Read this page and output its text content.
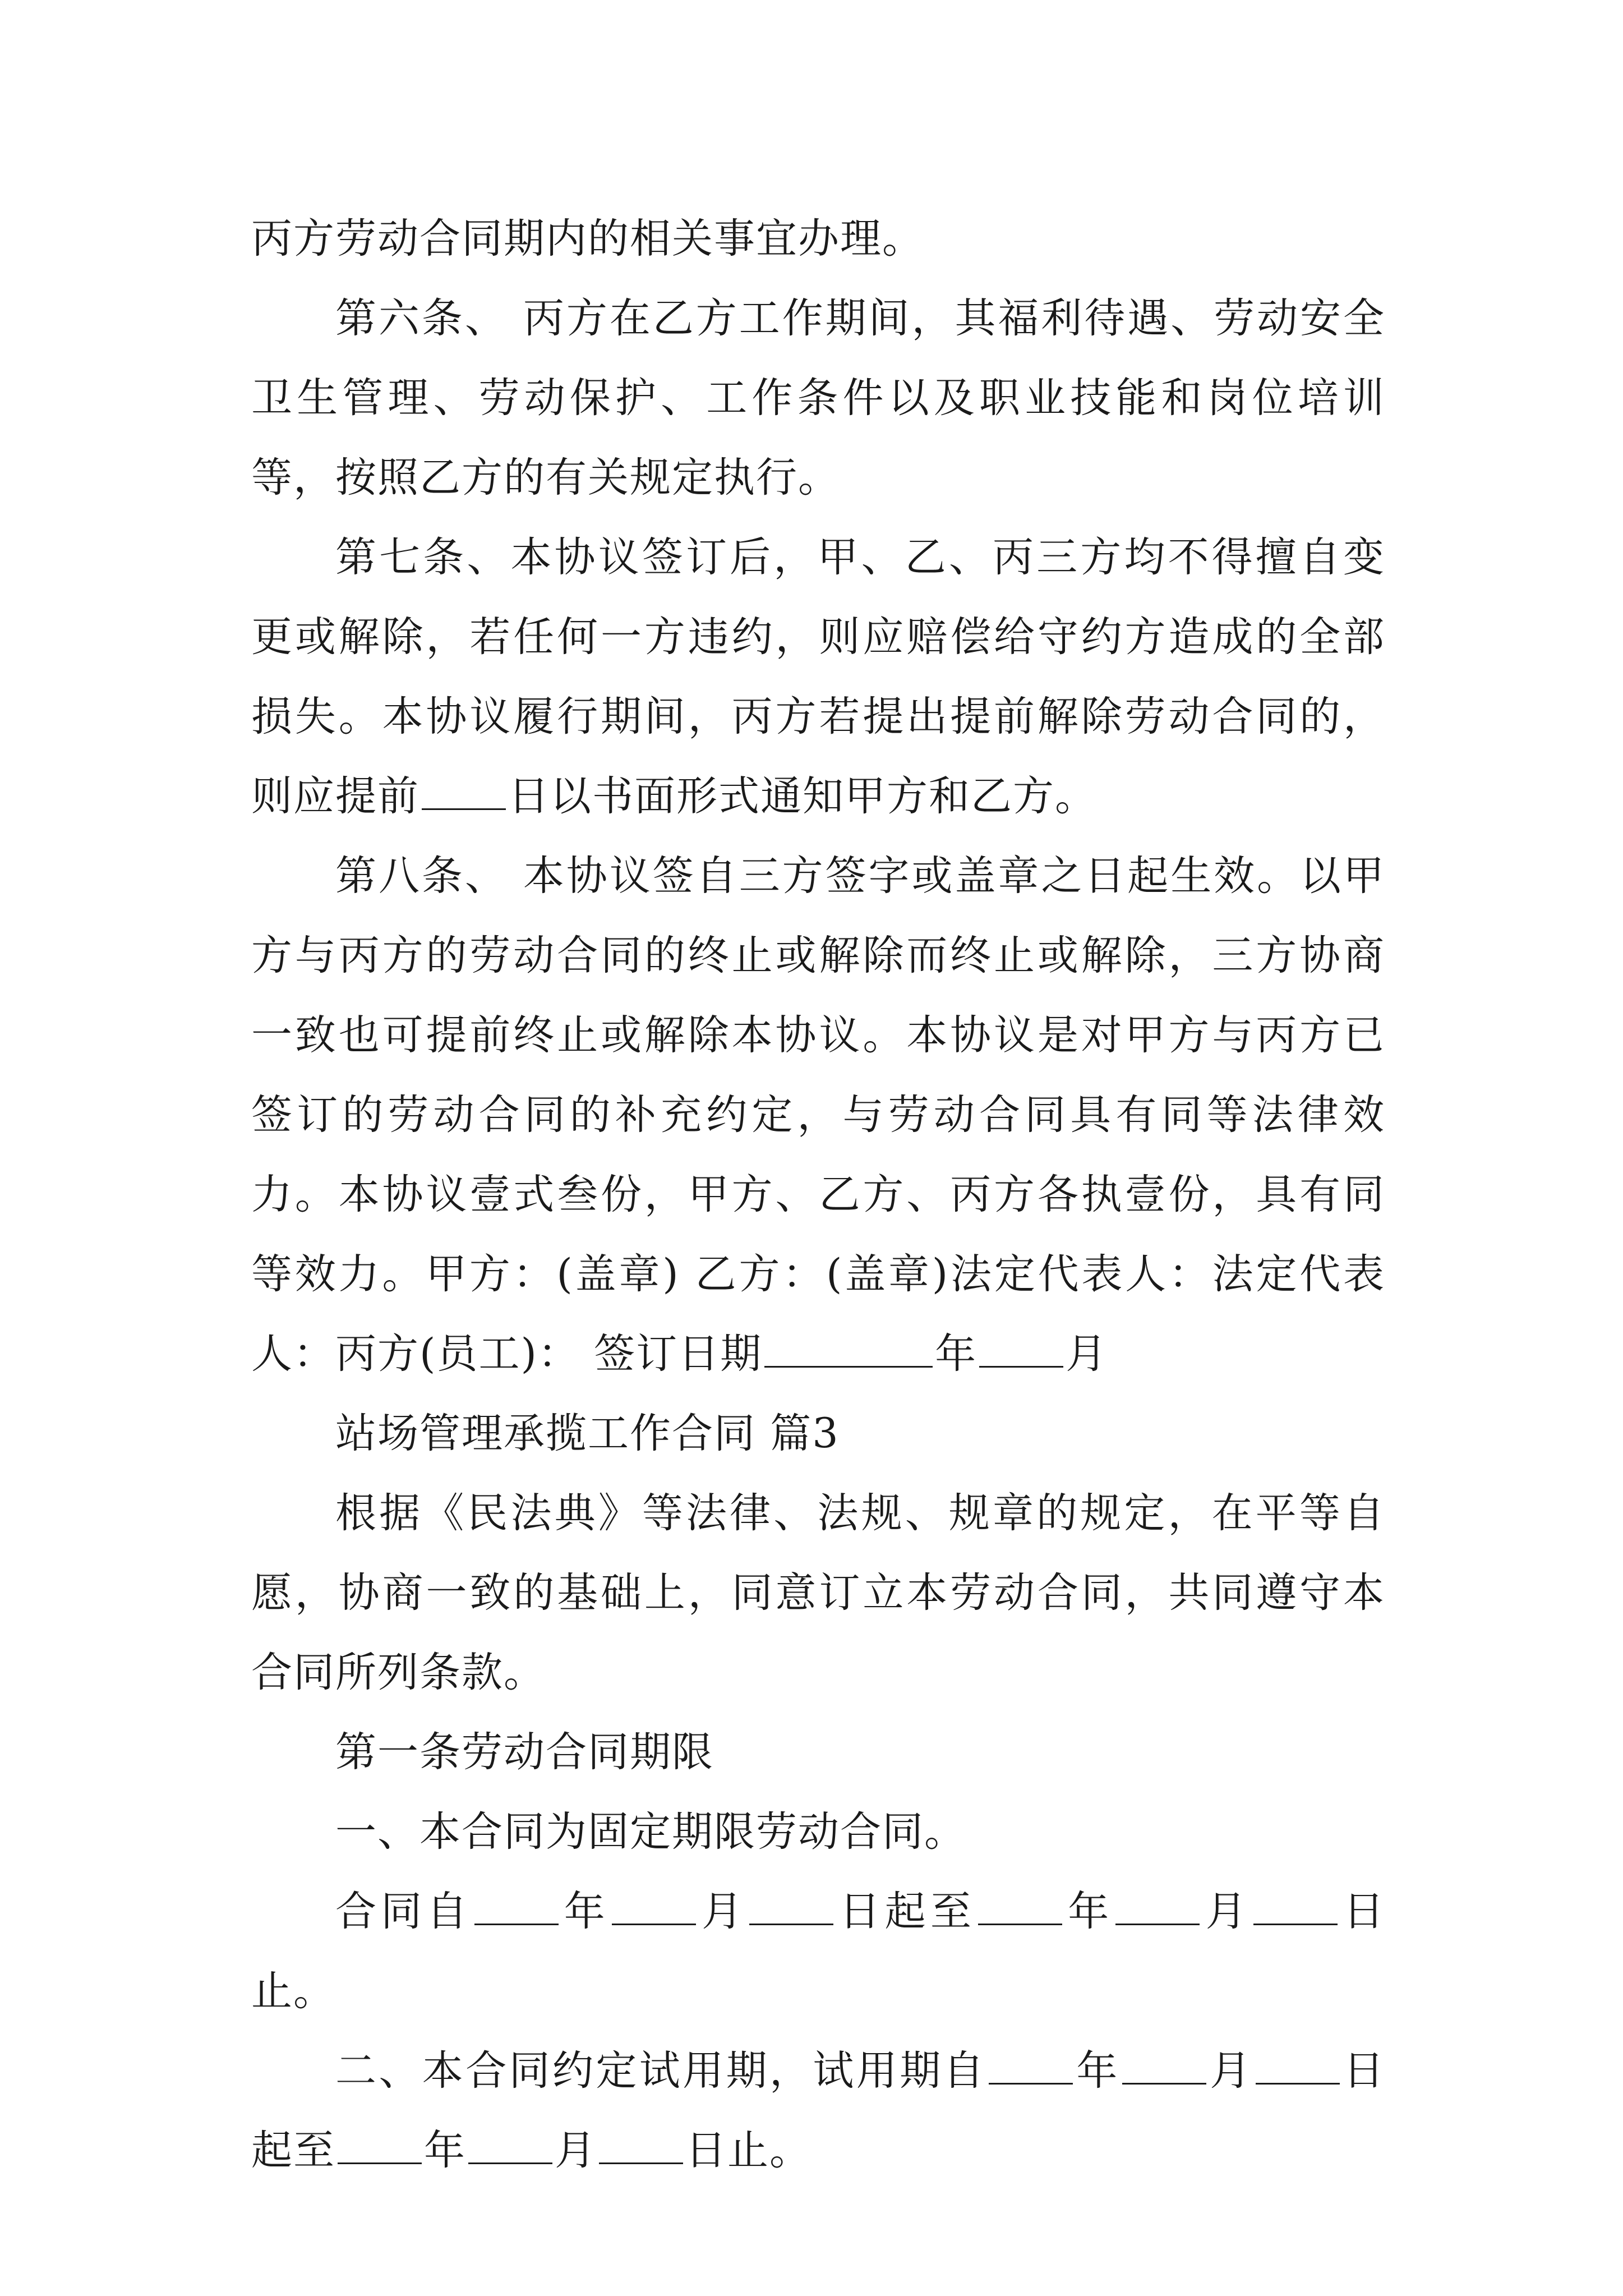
丙方劳动合同期内的相关事宜办理。

第六条、 丙方在乙方工作期间，其福利待遇、劳动安全卫生管理、劳动保护、工作条件以及职业技能和岗位培训等，按照乙方的有关规定执行。

第七条、本协议签订后，甲、乙、丙三方均不得擅自变更或解除，若任何一方违约，则应赔偿给守约方造成的全部损失。本协议履行期间，丙方若提出提前解除劳动合同的，则应提前 日以书面形式通知甲方和乙方。

第八条、 本协议签自三方签字或盖章之日起生效。以甲方与丙方的劳动合同的终止或解除而终止或解除，三方协商一致也可提前终止或解除本协议。本协议是对甲方与丙方已签订的劳动合同的补充约定，与劳动合同具有同等法律效力。本协议壹式叁份，甲方、乙方、丙方各执壹份，具有同等效力。甲方：(盖章) 乙方：(盖章)法定代表人：法定代表人：丙方(员工)： 签订日期	年 月

站场管理承揽工作合同 篇3

根据《民法典》等法律、法规、规章的规定，在平等自愿，协商一致的基础上，同意订立本劳动合同，共同遵守本合同所列条款。

第一条劳动合同期限

一、本合同为固定期限劳动合同。

合同自 年 月 日起至 年 月 日止。

二、本合同约定试用期，试用期自 年 月 日起至 年 月 日止。
